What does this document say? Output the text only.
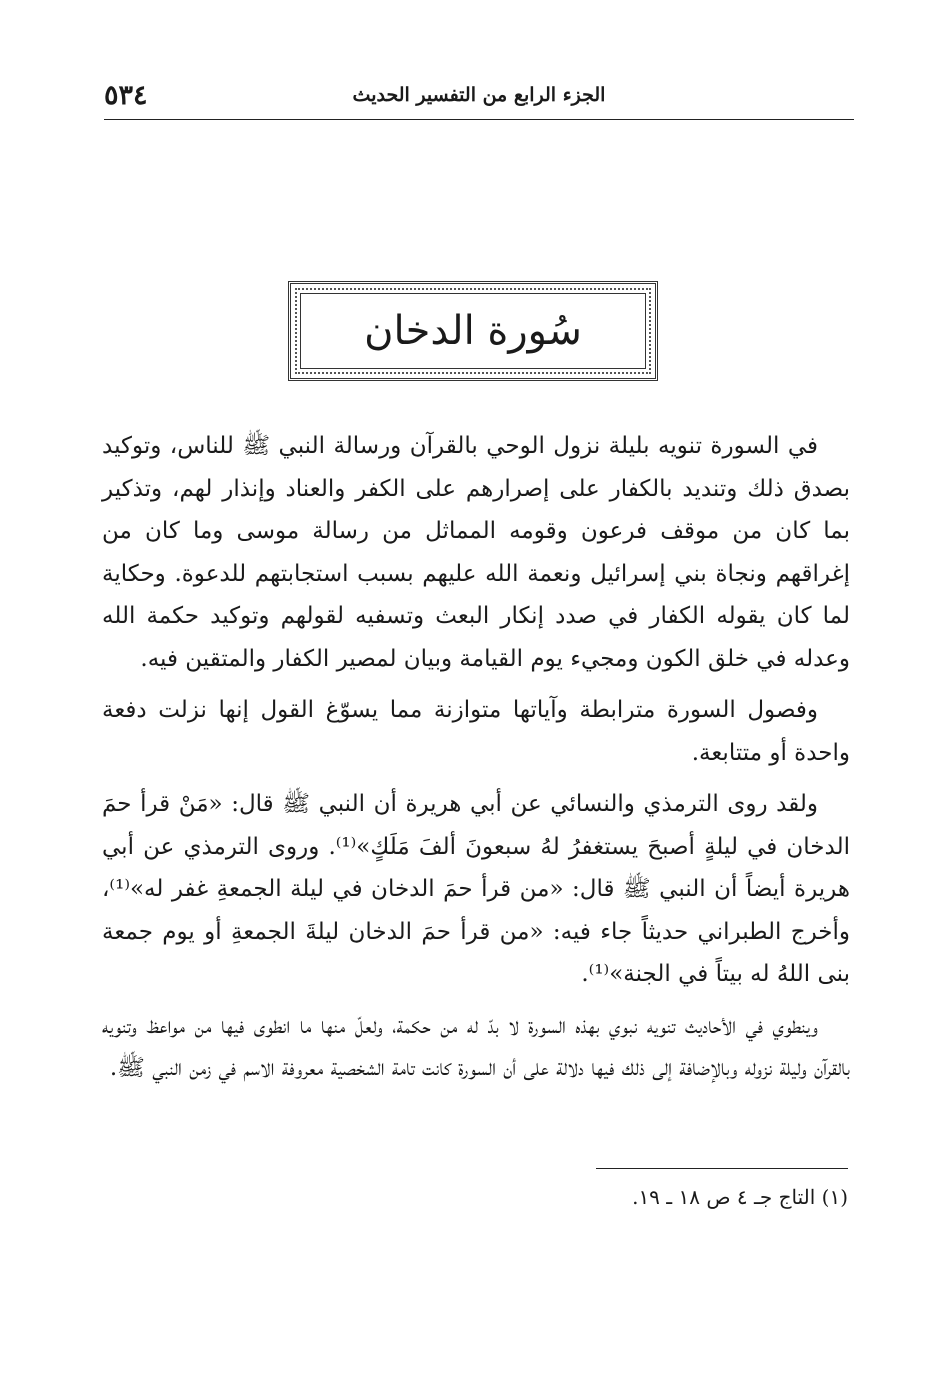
٥٣٤	الجزء الرابع من التفسير الحديث
سُورة الدخان

في السورة تنويه بليلة نزول الوحي بالقرآن ورسالة النبي ﷺ للناس، وتوكيد بصدق ذلك وتنديد بالكفار على إصرارهم على الكفر والعناد وإنذار لهم، وتذكير بما كان من موقف فرعون وقومه المماثل من رسالة موسى وما كان من إغراقهم ونجاة بني إسرائيل ونعمة الله عليهم بسبب استجابتهم للدعوة. وحكاية لما كان يقوله الكفار في صدد إنكار البعث وتسفيه لقولهم وتوكيد حكمة الله وعدله في خلق الكون ومجيء يوم القيامة وبيان لمصير الكفار والمتقين فيه.

وفصول السورة مترابطة وآياتها متوازنة مما يسوّغ القول إنها نزلت دفعة واحدة أو متتابعة.

ولقد روى الترمذي والنسائي عن أبي هريرة أن النبي ﷺ قال: «مَنْ قرأ حمَ الدخان في ليلةٍ أصبحَ يستغفرُ لهُ سبعونَ ألفَ مَلَكٍ»⁽¹⁾. وروى الترمذي عن أبي هريرة أيضاً أن النبي ﷺ قال: «من قرأ حمَ الدخان في ليلة الجمعةِ غفر له»⁽¹⁾، وأخرج الطبراني حديثاً جاء فيه: «من قرأ حمَ الدخان ليلةَ الجمعةِ أو يوم جمعة بنى اللهُ له بيتاً في الجنة»⁽¹⁾.

وينطوي في الأحاديث تنويه نبوي بهذه السورة لا بدّ له من حكمة، ولعلّ منها ما انطوى فيها من مواعظ وتنويه بالقرآن وليلة نزوله وبالإضافة إلى ذلك فيها دلالة على أن السورة كانت تامة الشخصية معروفة الاسم في زمن النبي ﷺ.

(١) التاج جـ ٤ ص ١٨ ـ ١٩.
